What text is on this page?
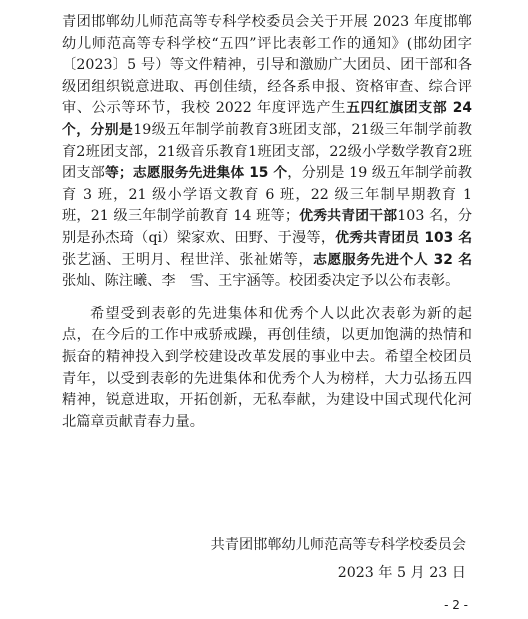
青团邯郸幼儿师范高等专科学校委员会关于开展 2023 年度邯郸幼儿师范高等专科学校“五四”评比表彰工作的通知》(邯幼团字〔2023〕5 号）等文件精神，引导和激励广大团员、团干部和各级团组织锐意进取、再创佳绩，经各系申报、资格审查、综合评审、公示等环节，我校 2022 年度评选产生五四红旗团支部 24 个，分别是19级五年制学前教育3班团支部，21级三年制学前教育2班团支部，21级音乐教育1班团支部，22级小学数学教育2班团支部等；志愿服务先进集体 15 个，分别是 19 级五年制学前教育 3 班，21 级小学语文教育 6 班，22 级三年制早期教育 1 班，21 级三年制学前教育 14 班等；优秀共青团干部103 名，分别是孙杰琦（qi）梁家欢、田野、于漫等，优秀共青团员 103 名张艺涵、王明月、程世洋、张祉婼等，志愿服务先进个人 32 名 张灿、陈注曦、李　雪、王宇涵等。校团委决定予以公布表彰。

希望受到表彰的先进集体和优秀个人以此次表彰为新的起点，在今后的工作中戒骄戒躁，再创佳绩，以更加饱满的热情和振奋的精神投入到学校建设改革发展的事业中去。希望全校团员青年，以受到表彰的先进集体和优秀个人为榜样，大力弘扬五四精神，锐意进取，开拓创新，无私奉献，为建设中国式现代化河北篇章贡献青春力量。

共青团邯郸幼儿师范高等专科学校委员会
2023 年 5 月 23 日
- 2 -
